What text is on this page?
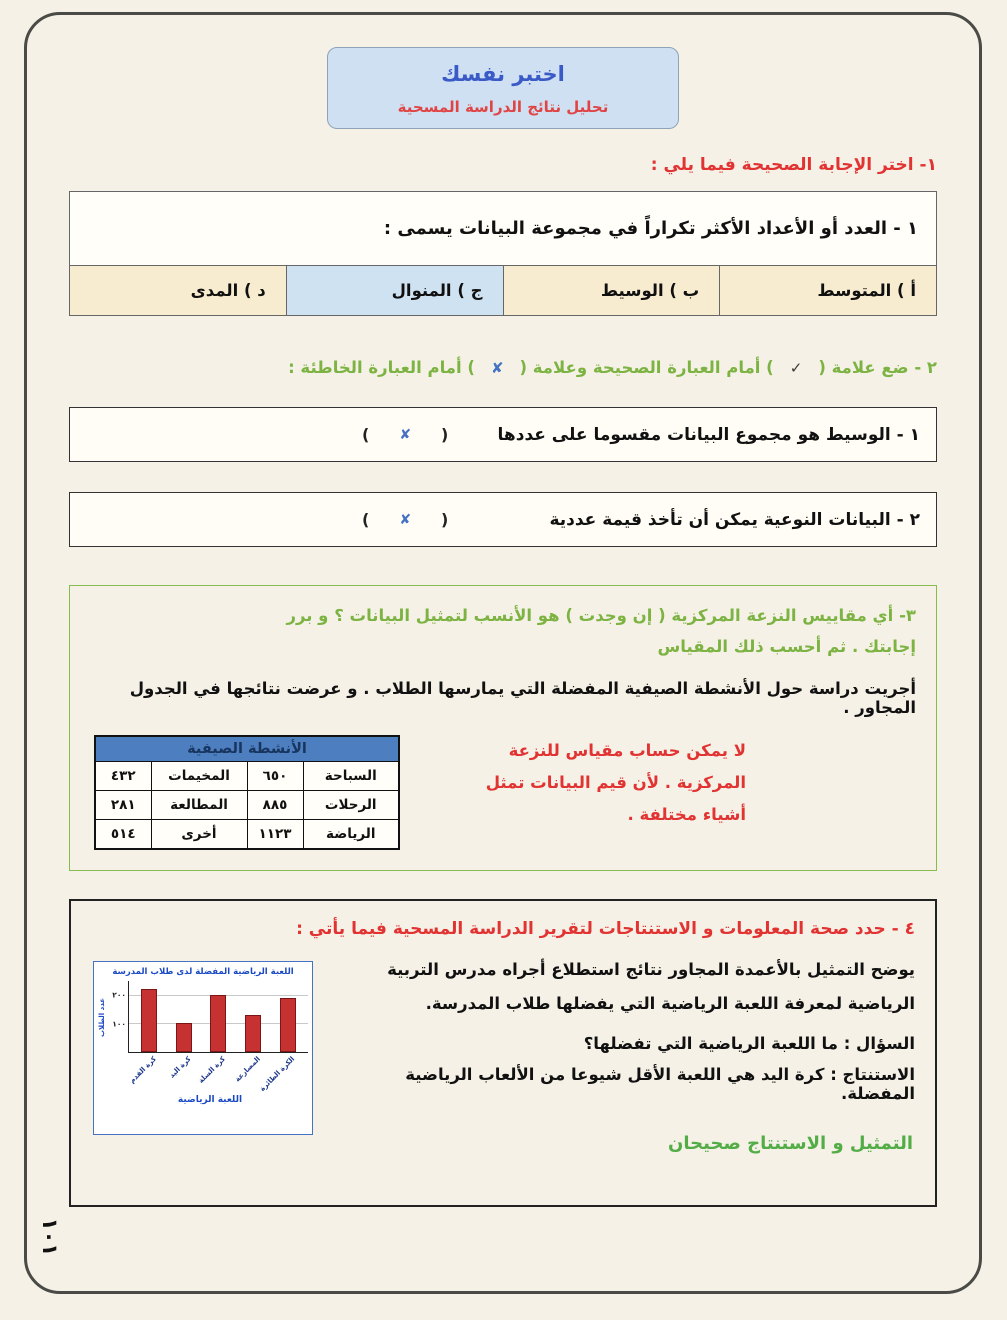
اختبر نفسك
تحليل نتائج الدراسة المسحية
١- اختر الإجابة الصحيحة فيما يلي :
١ - العدد أو الأعداد الأكثر تكراراً في مجموعة البيانات يسمى :
أ ) المتوسط
ب ) الوسيط
ج ) المنوال
د ) المدى
٢ - ضع علامة (✓) أمام العبارة الصحيحة وعلامة (✘) أمام العبارة الخاطئة :
١ - الوسيط هو مجموع البيانات مقسوما على عددها
(
✘
)
٢ - البيانات النوعية يمكن أن تأخذ قيمة عددية
(
✘
)
٣- أي مقاييس النزعة المركزية ( إن وجدت ) هو الأنسب لتمثيل البيانات ؟ و برر إجابتك . ثم أحسب ذلك المقياس
أجريت دراسة حول الأنشطة الصيفية المفضلة التي يمارسها الطلاب . و عرضت نتائجها في الجدول المجاور .
لا يمكن حساب مقياس للنزعة المركزية . لأن قيم البيانات تمثل أشياء مختلفة .
الأنشطة الصيفية			
السباحة	٦٥٠	المخيمات	٤٣٢
الرحلات	٨٨٥	المطالعة	٢٨١
الرياضة	١١٢٣	أخرى	٥١٤
٤ - حدد صحة المعلومات و الاستنتاجات لتقرير الدراسة المسحية فيما يأتي :
اللعبة الرياضية المفضلة لدى طلاب المدرسة
عدد الطلاب
٢٠٠
١٠٠
كرة القدم كرة اليد كرة السلة المصارعة
الكرة الطائرة
اللعبة الرياضية

يوضح التمثيل بالأعمدة المجاور نتائج استطلاع أجراه مدرس التربية الرياضية لمعرفة اللعبة الرياضية التي يفضلها طلاب المدرسة.

السؤال : ما اللعبة الرياضية التي تفضلها؟

الاستنتاج : كرة اليد هي اللعبة الأقل شيوعا من الألعاب الرياضية المفضلة.

التمثيل و الاستنتاج صحيحان
١٠١
